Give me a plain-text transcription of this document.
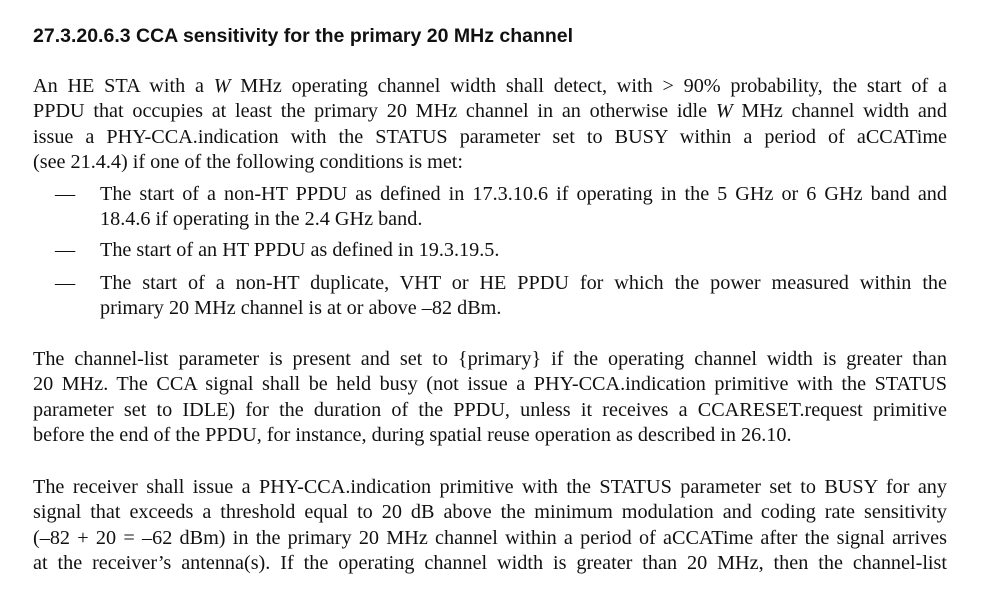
27.3.20.6.3 CCA sensitivity for the primary 20 MHz channel
An HE STA with a W MHz operating channel width shall detect, with > 90% probability, the start of a
PPDU that occupies at least the primary 20 MHz channel in an otherwise idle W MHz channel width and
issue a PHY-CCA.indication with the STATUS parameter set to BUSY within a period of aCCATime
(see 21.4.4) if one of the following conditions is met:
— The start of a non-HT PPDU as defined in 17.3.10.6 if operating in the 5 GHz or 6 GHz band and
18.4.6 if operating in the 2.4 GHz band.
— The start of an HT PPDU as defined in 19.3.19.5.
— The start of a non-HT duplicate, VHT or HE PPDU for which the power measured within the
primary 20 MHz channel is at or above –82 dBm.
The channel-list parameter is present and set to {primary} if the operating channel width is greater than
20 MHz. The CCA signal shall be held busy (not issue a PHY-CCA.indication primitive with the STATUS
parameter set to IDLE) for the duration of the PPDU, unless it receives a CCARESET.request primitive
before the end of the PPDU, for instance, during spatial reuse operation as described in 26.10.
The receiver shall issue a PHY-CCA.indication primitive with the STATUS parameter set to BUSY for any
signal that exceeds a threshold equal to 20 dB above the minimum modulation and coding rate sensitivity
(–82 + 20 = –62 dBm) in the primary 20 MHz channel within a period of aCCATime after the signal arrives
at the receiver’s antenna(s). If the operating channel width is greater than 20 MHz, then the channel-list
